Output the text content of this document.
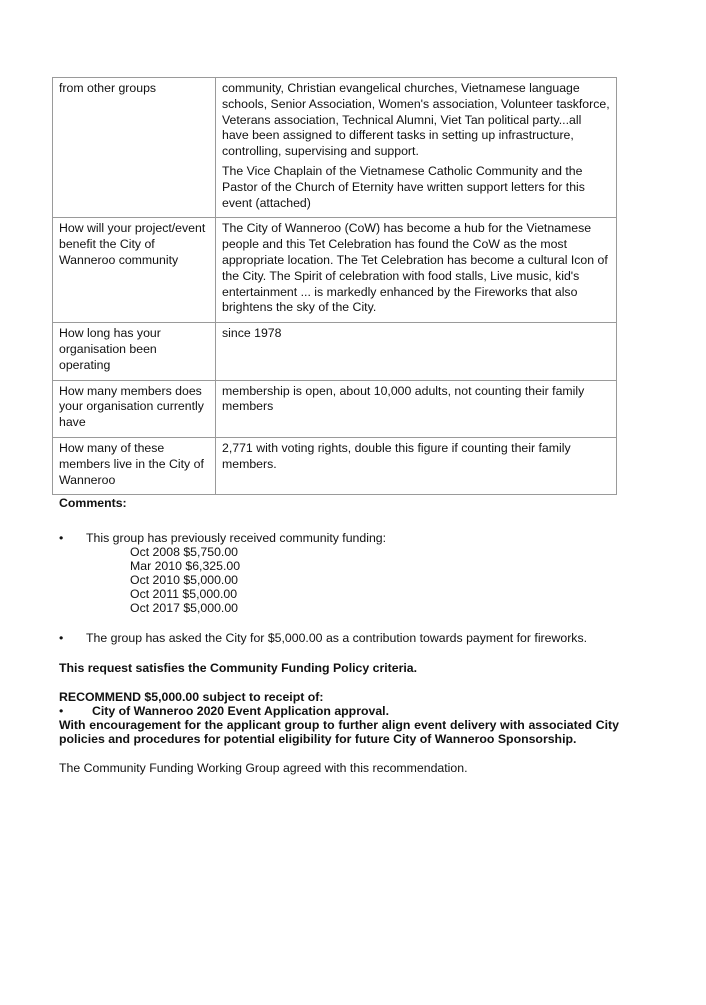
from other groups	community, Christian evangelical churches, Vietnamese language schools, Senior Association, Women's association, Volunteer taskforce, Veterans association, Technical Alumni, Viet Tan political party...all have been assigned to different tasks in setting up infrastructure, controlling, supervising and support.

The Vice Chaplain of the Vietnamese Catholic Community and the Pastor of the Church of Eternity have written support letters for this event (attached)

How will your project/event benefit the City of Wanneroo community	The City of Wanneroo (CoW) has become a hub for the Vietnamese people and this Tet Celebration has found the CoW as the most appropriate location. The Tet Celebration has become a cultural Icon of the City. The Spirit of celebration with food stalls, Live music, kid's entertainment ... is markedly enhanced by the Fireworks that also brightens the sky of the City.

How long has your organisation been operating	since 1978

How many members does your organisation currently have	membership is open, about 10,000 adults, not counting their family members

How many of these members live in the City of Wanneroo	2,771 with voting rights, double this figure if counting their family members.

Comments:
• This group has previously received community funding:
Oct 2008 $5,750.00
Mar 2010 $6,325.00
Oct 2010 $5,000.00
Oct 2011 $5,000.00
Oct 2017 $5,000.00
• The group has asked the City for $5,000.00 as a contribution towards payment for fireworks.
This request satisfies the Community Funding Policy criteria.
RECOMMEND $5,000.00 subject to receipt of:
• City of Wanneroo 2020 Event Application approval.
With encouragement for the applicant group to further align event delivery with associated City policies and procedures for potential eligibility for future City of Wanneroo Sponsorship.
The Community Funding Working Group agreed with this recommendation.
